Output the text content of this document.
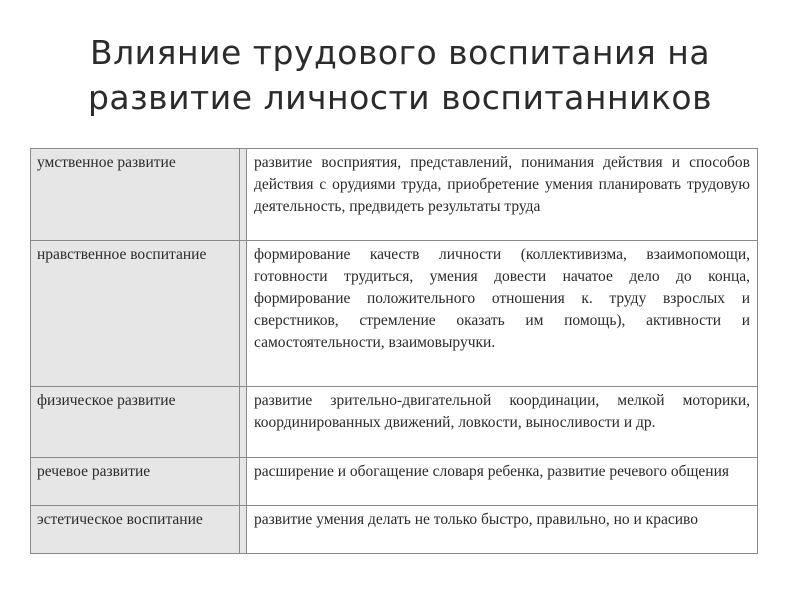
Влияние трудового воспитания на
развитие личности воспитанников
умственное развитие		развитие восприятия, представлений, понимания действия и способов действия с орудиями труда, приобретение умения планировать трудовую деятельность, предвидеть результаты труда
нравственное воспитание		формирование качеств личности (коллективизма, взаимопомощи, готовности трудиться, умения довести начатое дело до конца, формирование положительного отношения к. труду взрослых и сверстников, стремление оказать им помощь), активности и самостоятельности, взаимовыручки.
физическое развитие		развитие зрительно-двигательной координации, мелкой моторики, координированных движений, ловкости, выносливости и др.
речевое развитие		расширение и обогащение словаря ребенка, развитие речевого общения
эстетическое воспитание		развитие умения делать не только быстро, правильно, но и красиво
